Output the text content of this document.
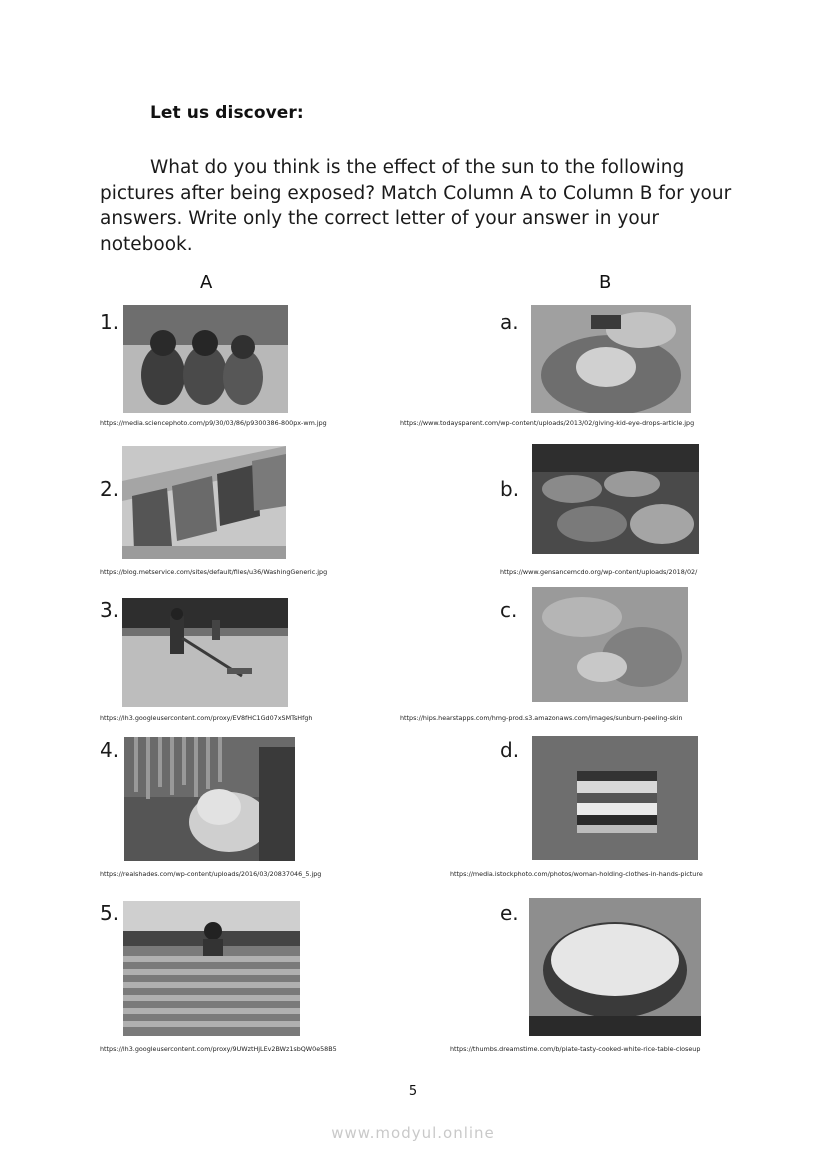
Let us discover:
What do you think is the effect of the sun to the following pictures after being exposed? Match Column A to Column B for your answers. Write only the correct letter of your answer in your notebook.
A	B
1.
https://media.sciencephoto.com/p9/30/03/86/p9300386-800px-wm.jpg
2.
https://blog.metservice.com/sites/default/files/u36/WashingGeneric.jpg
3.
https://lh3.googleusercontent.com/proxy/EV8fHC1Gd07xSMTsHfgh
4.
https://realshades.com/wp-content/uploads/2016/03/20837046_5.jpg
5.
https://lh3.googleusercontent.com/proxy/9UWztHjLEv2BWz1sbQW0e58B5
a.
https://www.todaysparent.com/wp-content/uploads/2013/02/giving-kid-eye-drops-article.jpg
b.
https://www.gensancemcdo.org/wp-content/uploads/2018/02/
c.
https://hips.hearstapps.com/hmg-prod.s3.amazonaws.com/images/sunburn-peeling-skin
d.
https://media.istockphoto.com/photos/woman-holding-clothes-in-hands-picture
e.
https://thumbs.dreamstime.com/b/plate-tasty-cooked-white-rice-table-closeup
5
www.modyul.online
